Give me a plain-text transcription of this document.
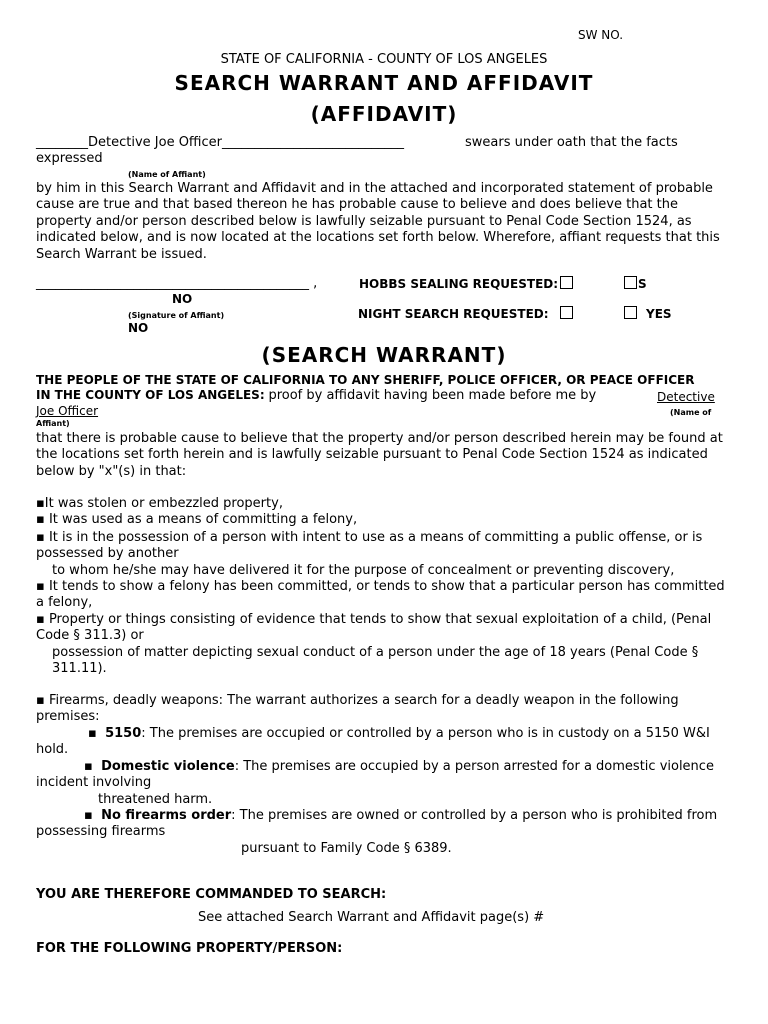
SW NO.
STATE OF CALIFORNIA - COUNTY OF LOS ANGELES
SEARCH WARRANT AND AFFIDAVIT
(AFFIDAVIT)
________Detective Joe Officer____________________________	swears under oath that the facts
expressed
(Name of Affiant)
by him in this Search Warrant and Affidavit and in the attached and incorporated statement of probable cause are true and that based thereon he has probable cause to believe and does believe that the property and/or person described below is lawfully seizable pursuant to Penal Code Section 1524, as indicated below, and is now located at the locations set forth below. Wherefore, affiant requests that this Search Warrant be issued.
__________________________________________ ,	HOBBS SEALING REQUESTED:	S
NO
(Signature of Affiant)	NIGHT SEARCH REQUESTED:	YES
NO
(SEARCH WARRANT)
THE PEOPLE OF THE STATE OF CALIFORNIA TO ANY SHERIFF, POLICE OFFICER, OR PEACE OFFICER
IN THE COUNTY OF LOS ANGELES: proof by affidavit having been made before me by	Detective
Joe Officer	(Name of
Affiant)
that there is probable cause to believe that the property and/or person described herein may be found at the locations set forth herein and is lawfully seizable pursuant to Penal Code Section 1524 as indicated below by "x"(s) in that:
▪It was stolen or embezzled property,
▪ It was used as a means of committing a felony,
▪ It is in the possession of a person with intent to use as a means of committing a public offense, or is possessed by another
to whom he/she may have delivered it for the purpose of concealment or preventing discovery,
▪ It tends to show a felony has been committed, or tends to show that a particular person has committed a felony,
▪ Property or things consisting of evidence that tends to show that sexual exploitation of a child, (Penal Code § 311.3) or
possession of matter depicting sexual conduct of a person under the age of 18 years (Penal Code § 311.11).
▪ Firearms, deadly weapons: The warrant authorizes a search for a deadly weapon in the following premises:
▪ 5150: The premises are occupied or controlled by a person who is in custody on a 5150 W&I hold.
▪ Domestic violence: The premises are occupied by a person arrested for a domestic violence incident involving
threatened harm.
▪ No firearms order: The premises are owned or controlled by a person who is prohibited from possessing firearms
pursuant to Family Code § 6389.
YOU ARE THEREFORE COMMANDED TO SEARCH:
See attached Search Warrant and Affidavit page(s) #
FOR THE FOLLOWING PROPERTY/PERSON:
